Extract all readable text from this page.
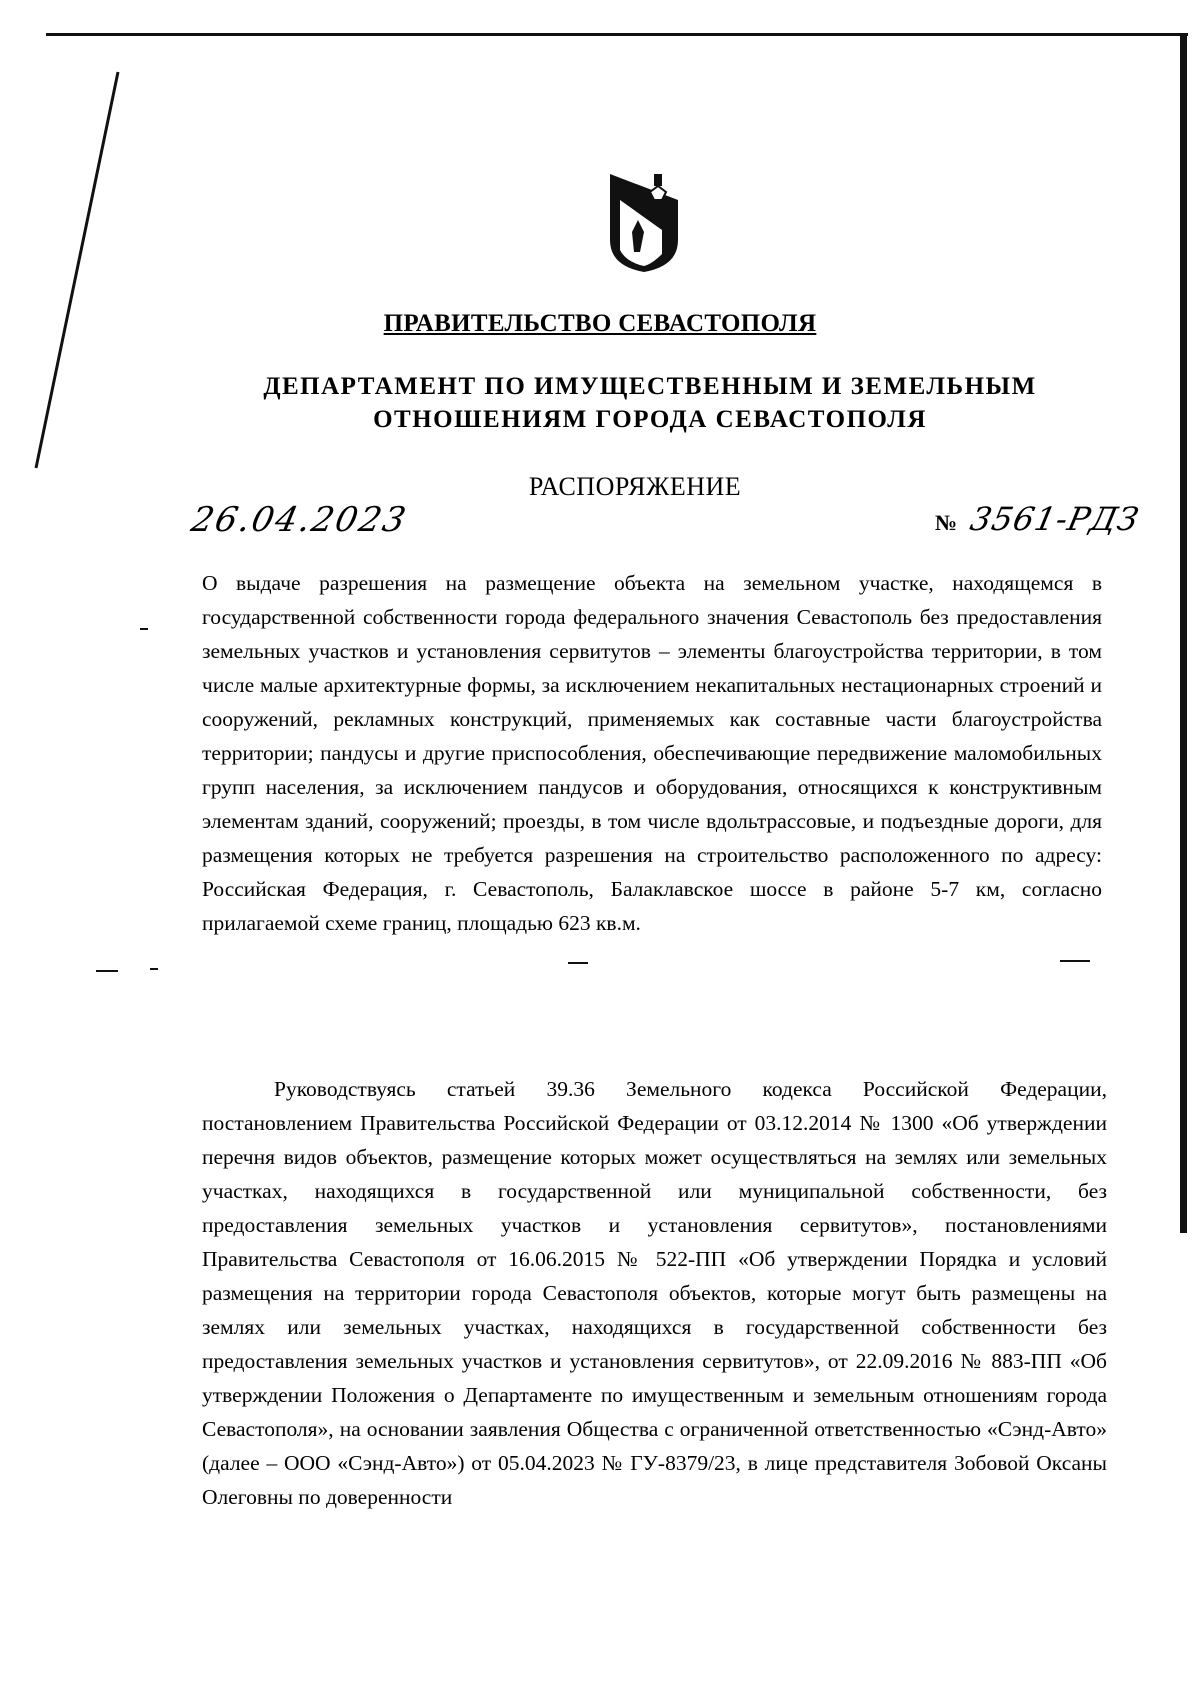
ПРАВИТЕЛЬСТВО СЕВАСТОПОЛЯ
ДЕПАРТАМЕНТ ПО ИМУЩЕСТВЕННЫМ И ЗЕМЕЛЬНЫМ
ОТНОШЕНИЯМ ГОРОДА СЕВАСТОПОЛЯ
РАСПОРЯЖЕНИЕ
26.04.2023	№ 3561-РДЗ
О выдаче разрешения на размещение объекта на земельном участке, находящемся в государственной собственности города федерального значения Севастополь без предоставления земельных участков и установления сервитутов – элементы благоустройства территории, в том числе малые архитектурные формы, за исключением некапитальных нестационарных строений и сооружений, рекламных конструкций, применяемых как составные части благоустройства территории; пандусы и другие приспособления, обеспечивающие передвижение маломобильных групп населения, за исключением пандусов и оборудования, относящихся к конструктивным элементам зданий, сооружений; проезды, в том числе вдольтрассовые, и подъездные дороги, для размещения которых не требуется разрешения на строительство расположенного по адресу: Российская Федерация, г. Севастополь, Балаклавское шоссе в районе 5-7 км, согласно прилагаемой схеме границ, площадью 623 кв.м.
Руководствуясь статьей 39.36 Земельного кодекса Российской Федерации, постановлением Правительства Российской Федерации от 03.12.2014 № 1300 «Об утверждении перечня видов объектов, размещение которых может осуществляться на землях или земельных участках, находящихся в государственной или муниципальной собственности, без предоставления земельных участков и установления сервитутов», постановлениями Правительства Севастополя от 16.06.2015 № 522-ПП «Об утверждении Порядка и условий размещения на территории города Севастополя объектов, которые могут быть размещены на землях или земельных участках, находящихся в государственной собственности без предоставления земельных участков и установления сервитутов», от 22.09.2016 № 883-ПП «Об утверждении Положения о Департаменте по имущественным и земельным отношениям города Севастополя», на основании заявления Общества с ограниченной ответственностью «Сэнд-Авто» (далее – ООО «Сэнд-Авто») от 05.04.2023 № ГУ-8379/23, в лице представителя Зобовой Оксаны Олеговны по доверенности
